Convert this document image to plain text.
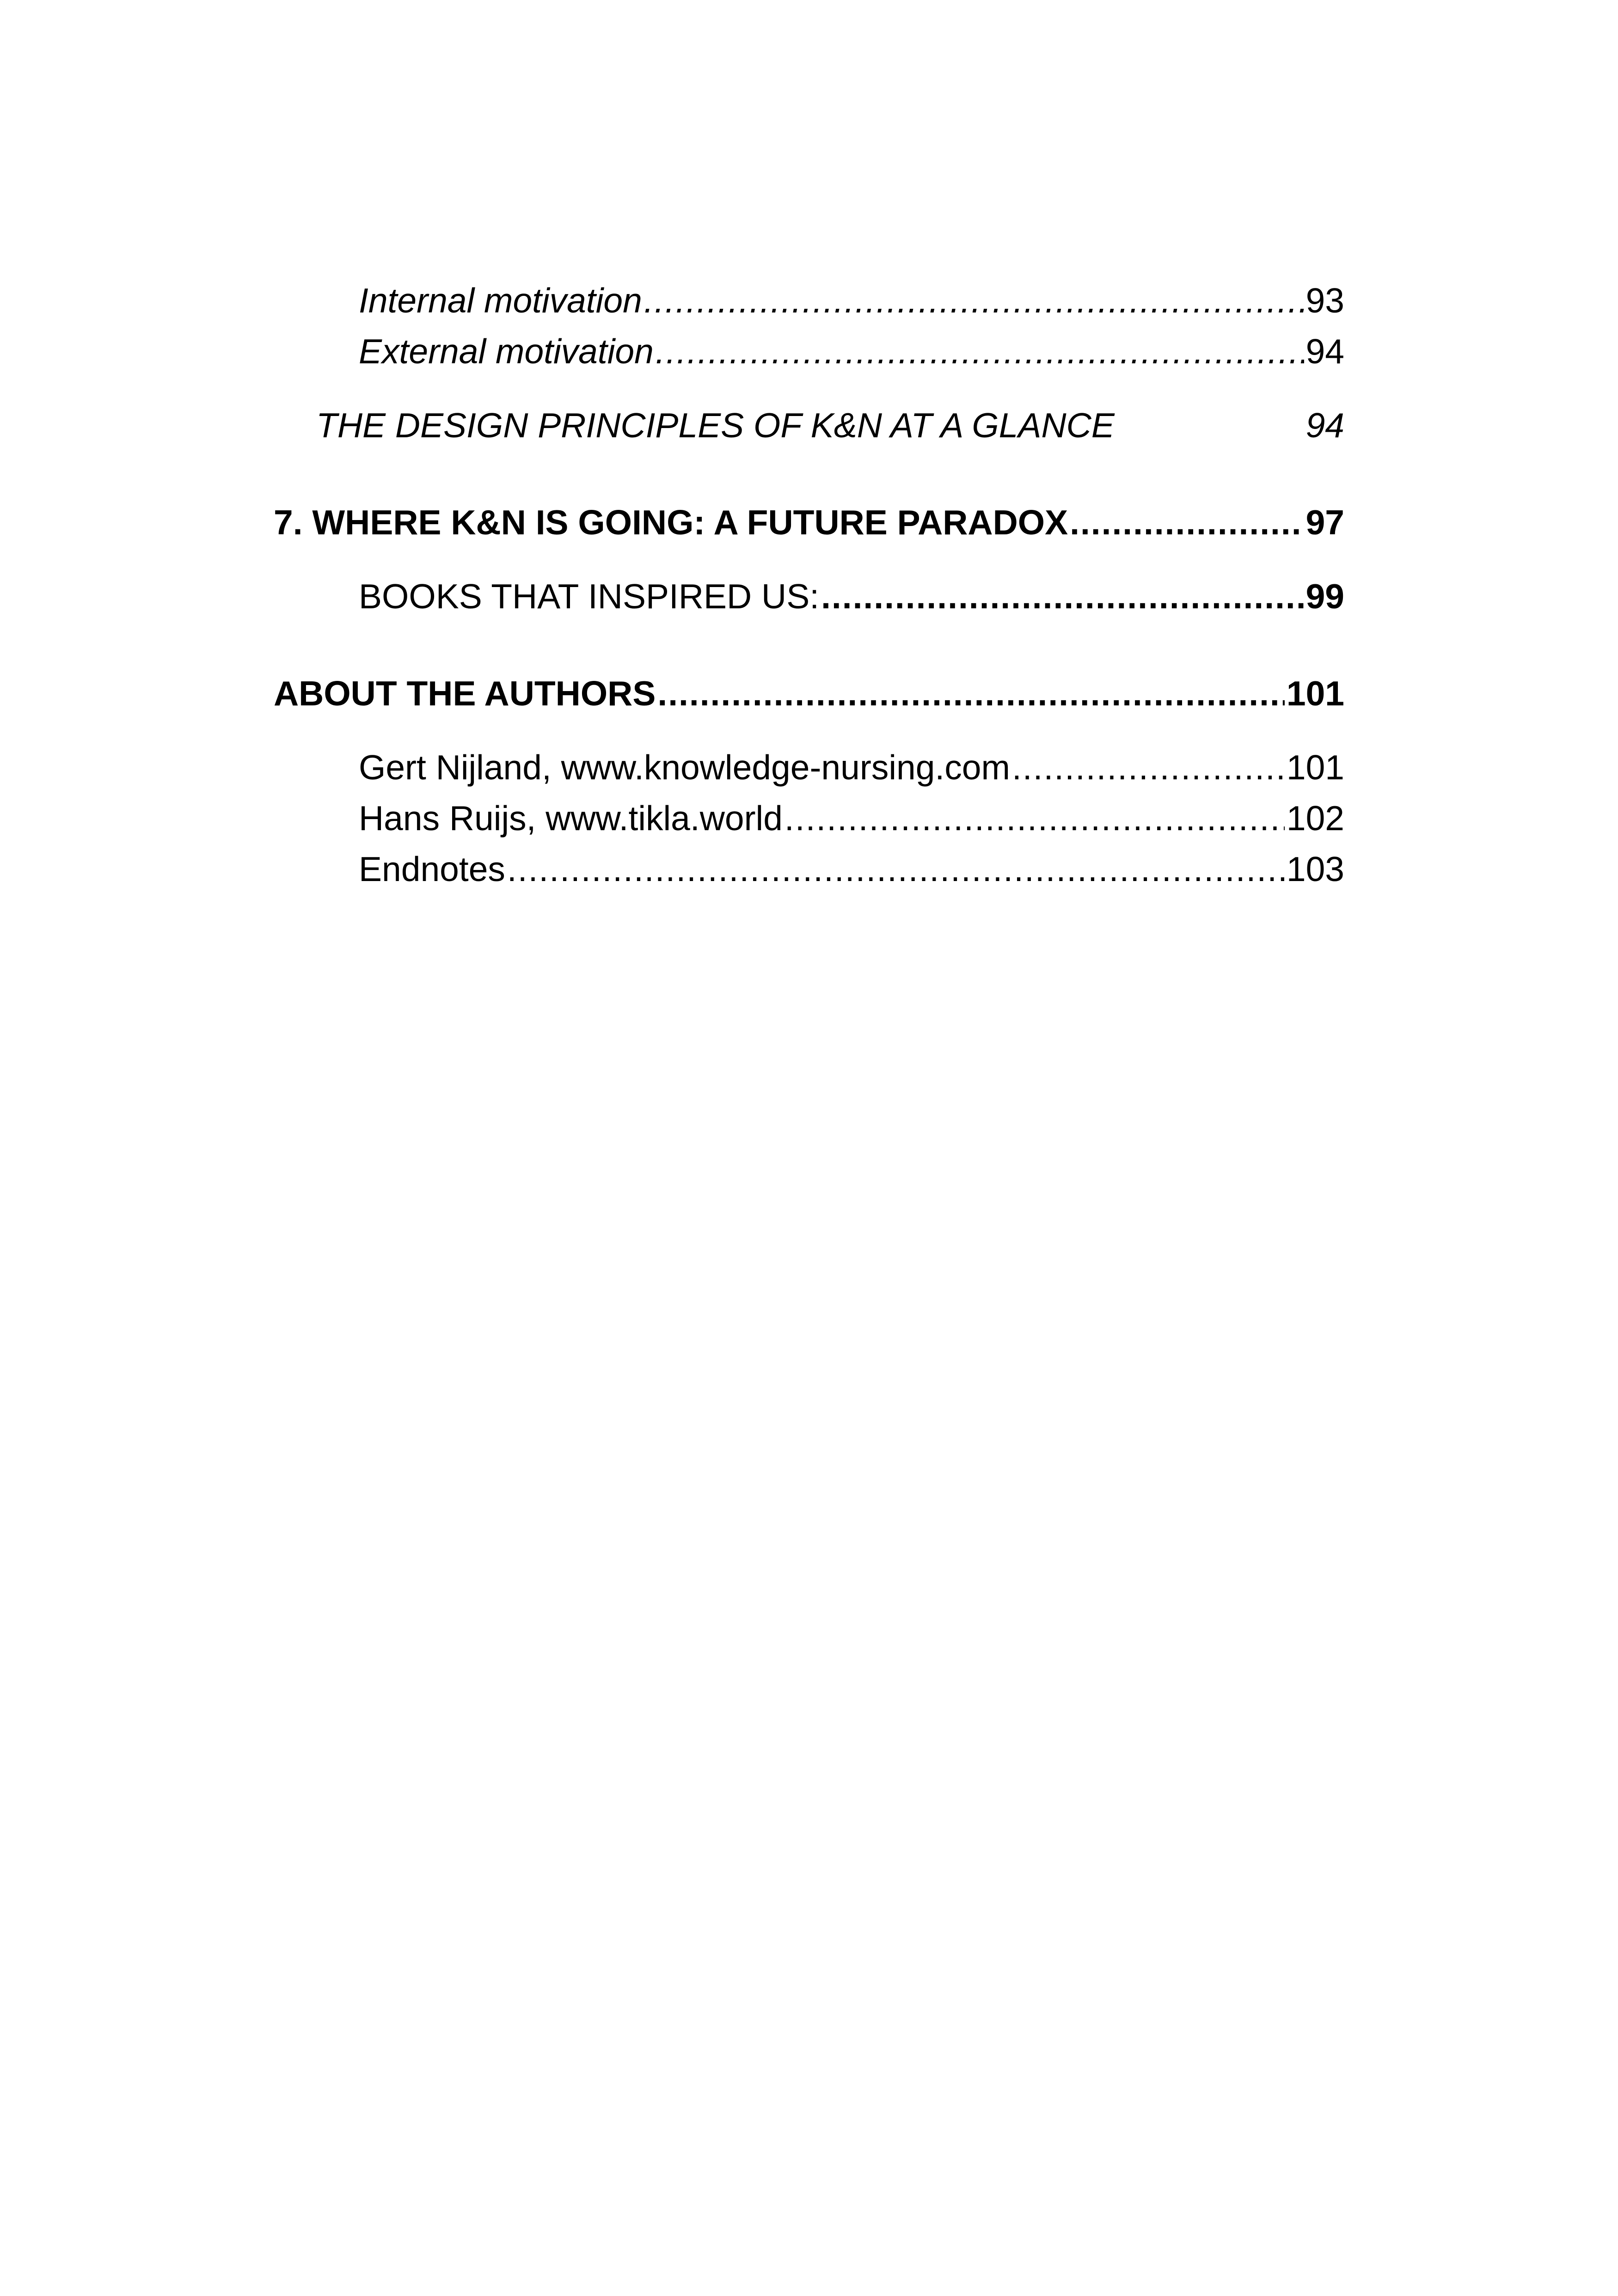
Internal motivation .....	93
External motivation .....	94
THE DESIGN PRINCIPLES OF K&N AT A GLANCE	94
7. WHERE K&N IS GOING: A FUTURE PARADOX .....	97
BOOKS THAT INSPIRED US: .....	99
ABOUT THE AUTHORS .....	101
Gert Nijland, www.knowledge-nursing.com .....	101
Hans Ruijs, www.tikla.world .....	102
Endnotes .....	103
